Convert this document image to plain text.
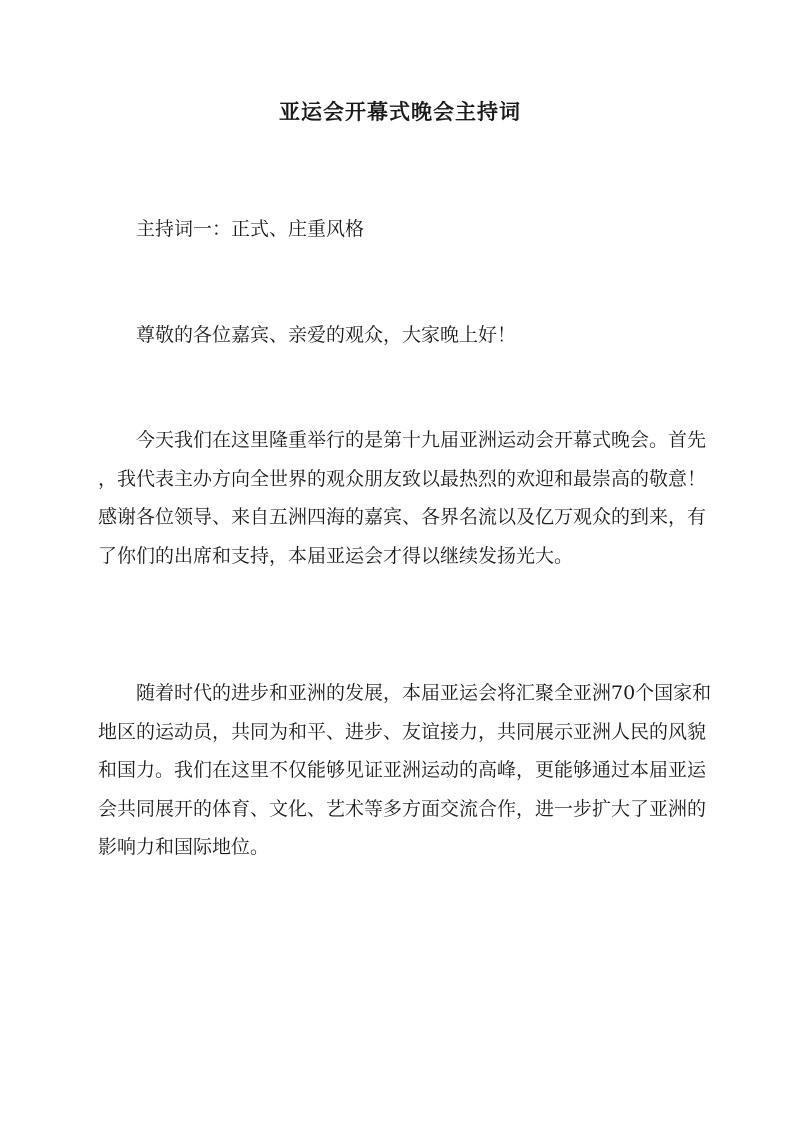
亚运会开幕式晚会主持词

主持词一：正式、庄重风格

尊敬的各位嘉宾、亲爱的观众，大家晚上好！

今天我们在这里隆重举行的是第十九届亚洲运动会开幕式晚会。首先
，我代表主办方向全世界的观众朋友致以最热烈的欢迎和最崇高的敬意！
感谢各位领导、来自五洲四海的嘉宾、各界名流以及亿万观众的到来，有
了你们的出席和支持，本届亚运会才得以继续发扬光大。

随着时代的进步和亚洲的发展，本届亚运会将汇聚全亚洲70个国家和
地区的运动员，共同为和平、进步、友谊接力，共同展示亚洲人民的风貌
和国力。我们在这里不仅能够见证亚洲运动的高峰，更能够通过本届亚运
会共同展开的体育、文化、艺术等多方面交流合作，进一步扩大了亚洲的
影响力和国际地位。
